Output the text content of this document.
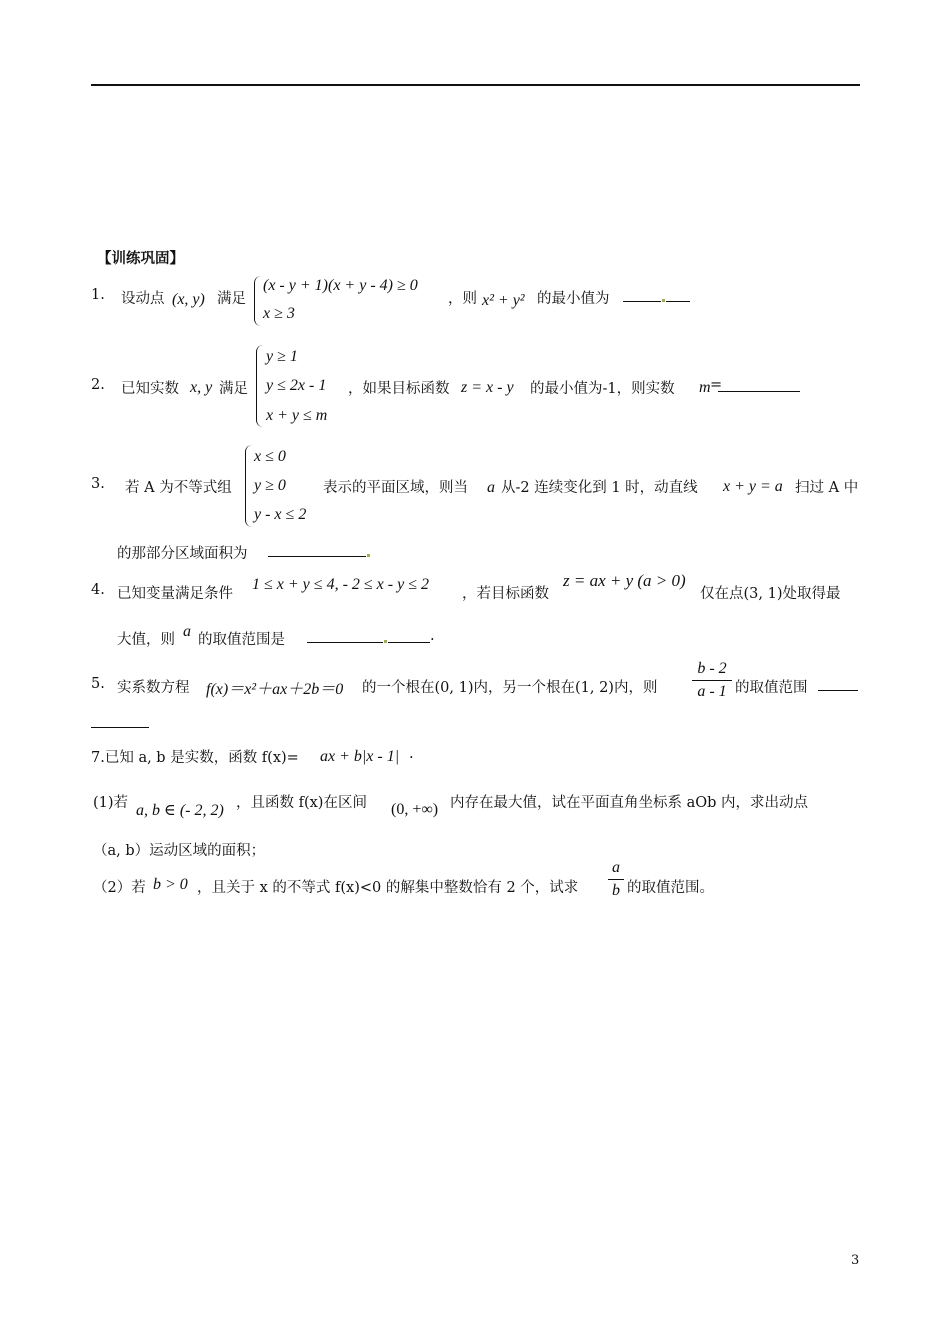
【训练巩固】
1. 设动点 (x, y) 满足
(x - y + 1)(x + y - 4) ≥ 0
x ≥ 3
，则 x² + y² 的最小值为
2. 已知实数 x, y 满足
y ≥ 1
y ≤ 2x - 1
x + y ≤ m
，如果目标函数 z = x - y 的最小值为-1，则实数 m =
3. 若 A 为不等式组
x ≤ 0
y ≥ 0
y - x ≤ 2
表示的平面区域，则当 a 从-2 连续变化到 1 时，动直线 x + y = a 扫过 A 中
的那部分区域面积为
4. 已知变量满足条件
1 ≤ x + y ≤ 4, - 2 ≤ x - y ≤ 2
，若目标函数
z = ax + y (a > 0)
仅在点(3, 1)处取得最
大值，则 a 的取值范围是	.
5. 实系数方程 f(x)＝x²＋ax＋2b＝0 的一个根在(0, 1)内，另一个根在(1, 2)内，则
b - 2
a - 1 的取值范围
7.已知 a, b 是实数，函数 f(x)= ax + b|x - 1| .
(1)若 a, b ∈ (- 2, 2) ，且函数 f(x)在区间 (0, +∞) 内存在最大值，试在平面直角坐标系 aOb 内，求出动点
（a, b）运动区域的面积；
（2）若 b > 0 ，且关于 x 的不等式 f(x)<0 的解集中整数恰有 2 个，试求
a
b 的取值范围。
3
